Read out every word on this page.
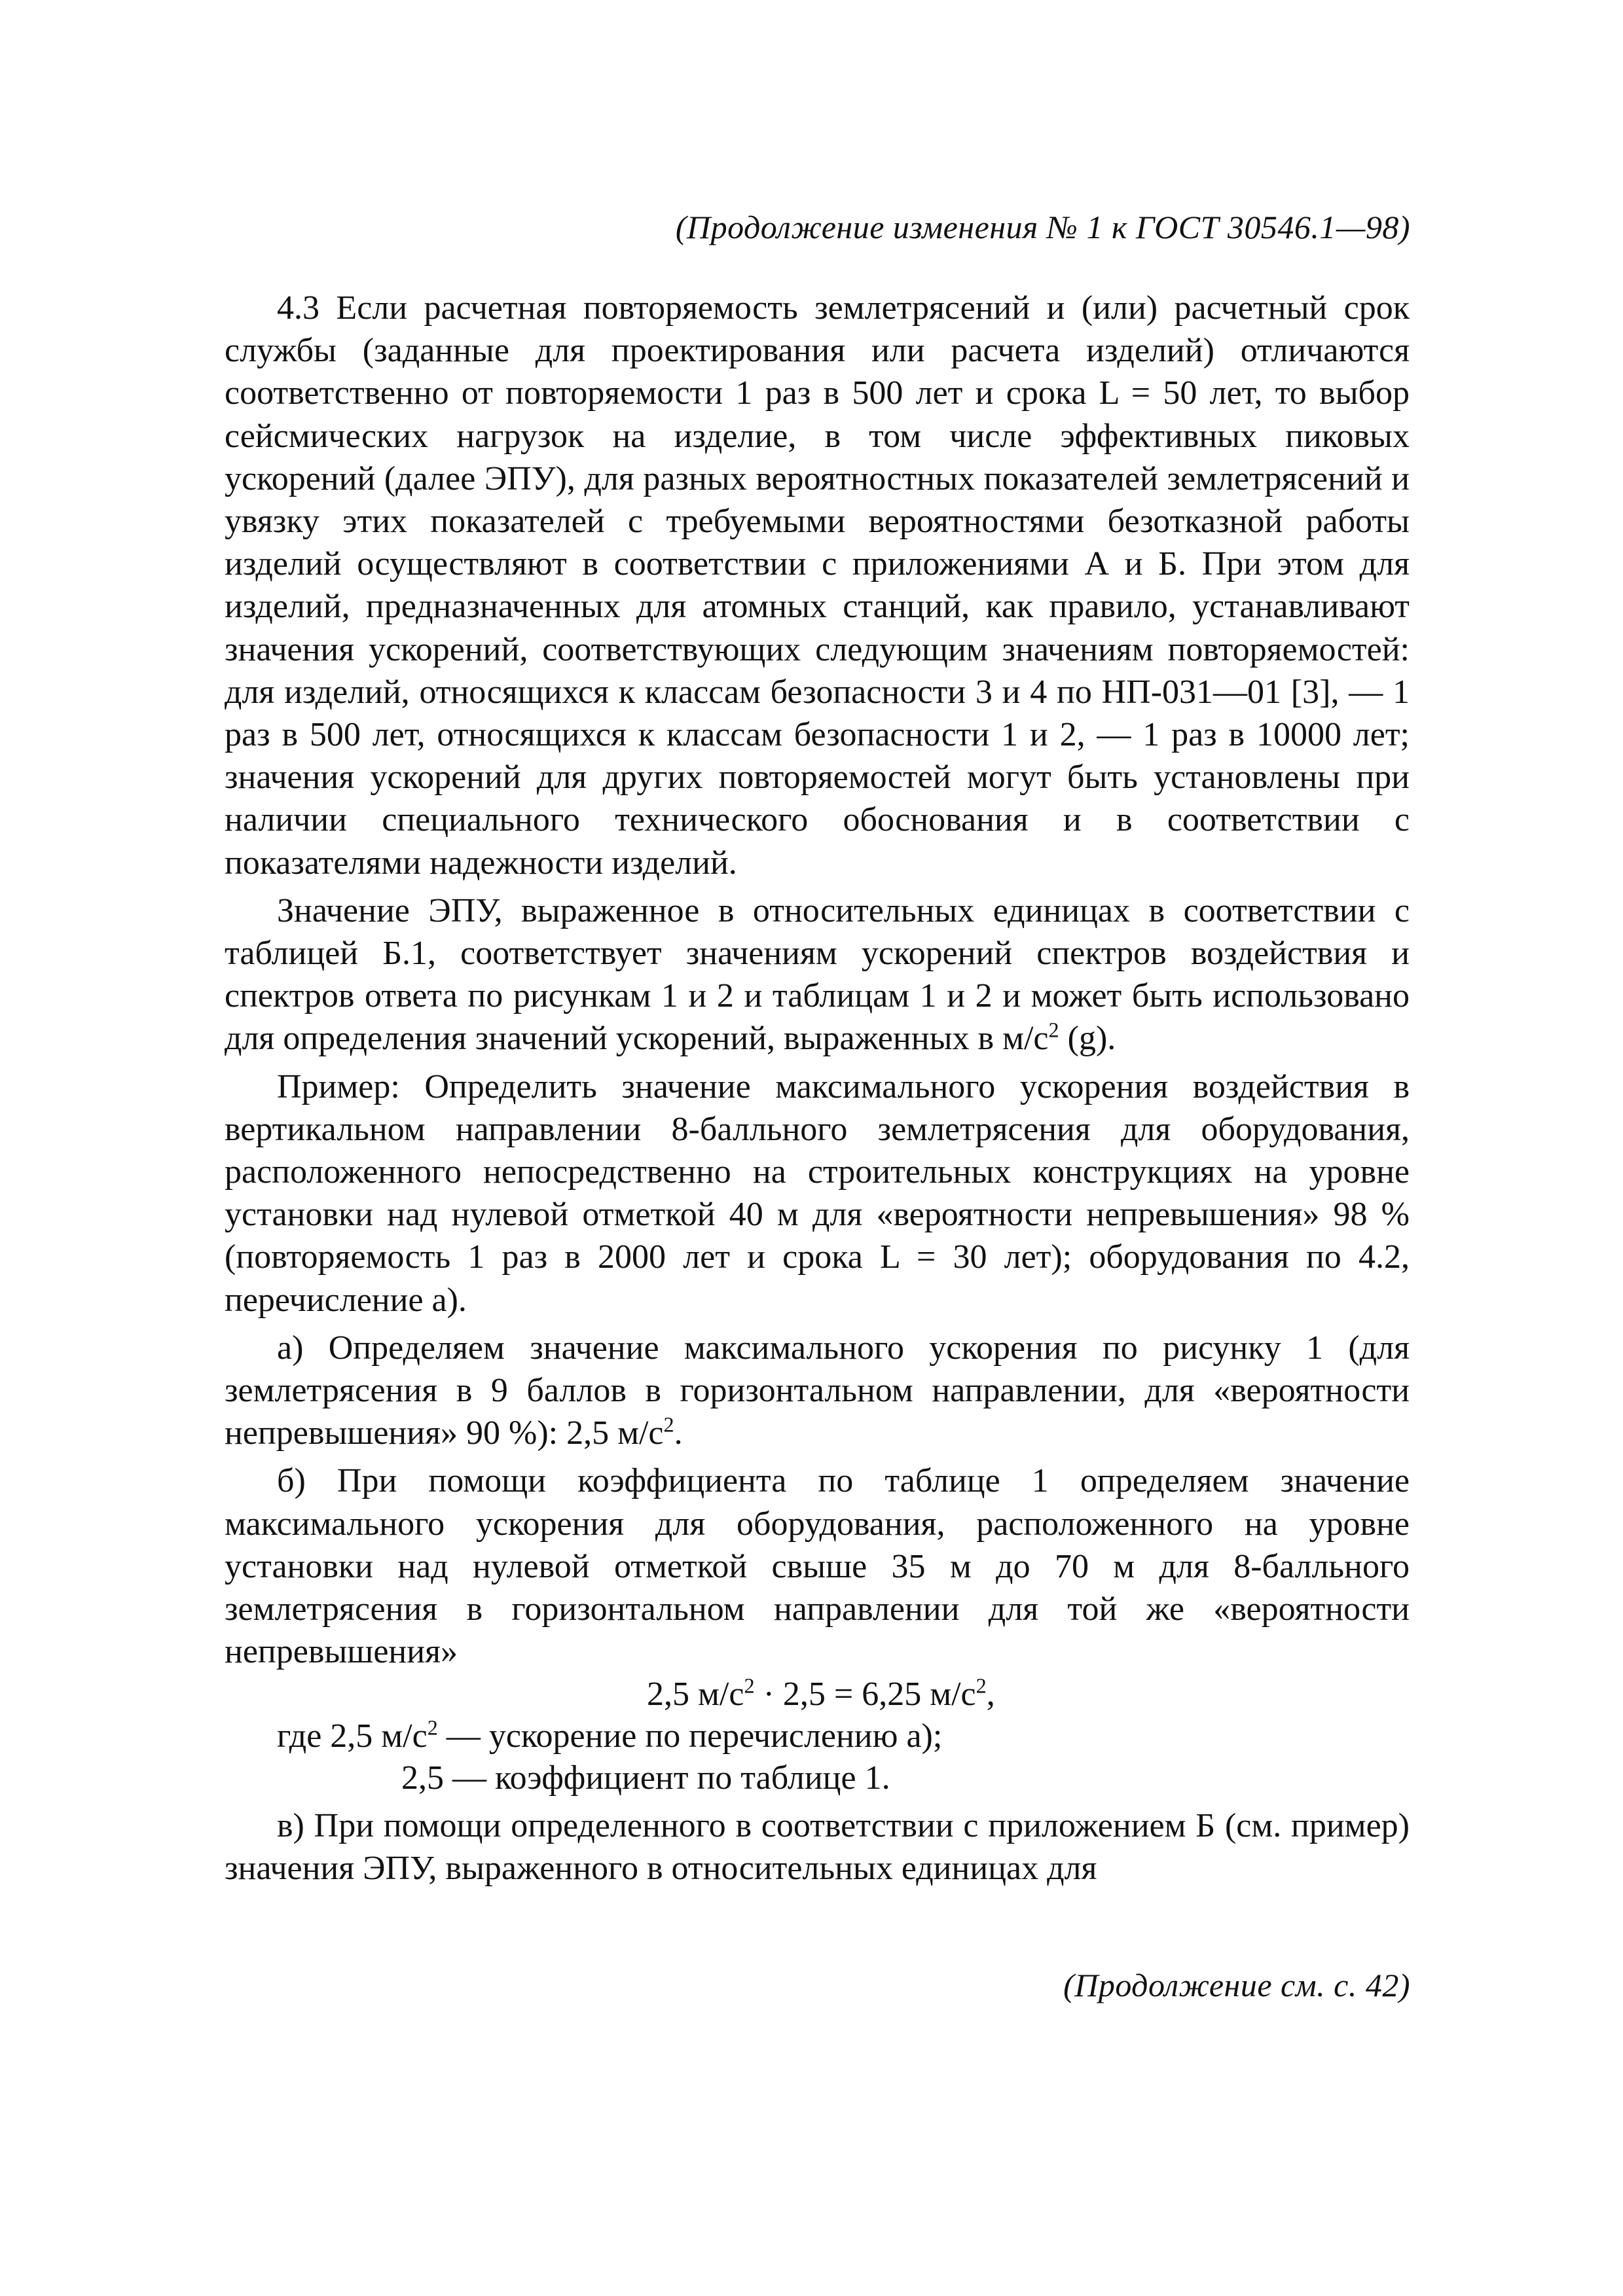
(Продолжение изменения № 1 к ГОСТ 30546.1—98)

4.3 Если расчетная повторяемость землетрясений и (или) расчетный срок службы (заданные для проектирования или расчета изделий) отличаются соответственно от повторяемости 1 раз в 500 лет и срока L = 50 лет, то выбор сейсмических нагрузок на изделие, в том числе эффективных пиковых ускорений (далее ЭПУ), для разных вероятностных показателей землетрясений и увязку этих показателей с требуемыми вероятностями безотказной работы изделий осуществляют в соответствии с приложениями А и Б. При этом для изделий, предназначенных для атомных станций, как правило, устанавливают значения ускорений, соответствующих следующим значениям повторяемостей: для изделий, относящихся к классам безопасности 3 и 4 по НП-031—01 [3], — 1 раз в 500 лет, относящихся к классам безопасности 1 и 2, — 1 раз в 10000 лет; значения ускорений для других повторяемостей могут быть установлены при наличии специального технического обоснования и в соответствии с показателями надежности изделий.

Значение ЭПУ, выраженное в относительных единицах в соответствии с таблицей Б.1, соответствует значениям ускорений спектров воздействия и спектров ответа по рисункам 1 и 2 и таблицам 1 и 2 и может быть использовано для определения значений ускорений, выраженных в $м/с^2$ (g).

Пример: Определить значение максимального ускорения воздействия в вертикальном направлении 8-балльного землетрясения для оборудования, расположенного непосредственно на строительных конструкциях на уровне установки над нулевой отметкой 40 м для «вероятности непревышения» 98 % (повторяемость 1 раз в 2000 лет и срока L = 30 лет); оборудования по 4.2, перечисление а).

а) Определяем значение максимального ускорения по рисунку 1 (для землетрясения в 9 баллов в горизонтальном направлении, для «вероятности непревышения» 90 %): 2,5 $м/с^2$.

б) При помощи коэффициента по таблице 1 определяем значение максимального ускорения для оборудования, расположенного на уровне установки над нулевой отметкой свыше 35 м до 70 м для 8-балльного землетрясения в горизонтальном направлении для той же «вероятности непревышения»

2,5 $м/с^2 \cdot 2,5 = 6,25$ $м/с^2$,

где 2,5 $м/с^2$ — ускорение по перечислению а);

2,5 — коэффициент по таблице 1.

в) При помощи определенного в соответствии с приложением Б (см. пример) значения ЭПУ, выраженного в относительных единицах для

(Продолжение см. с. 42)
